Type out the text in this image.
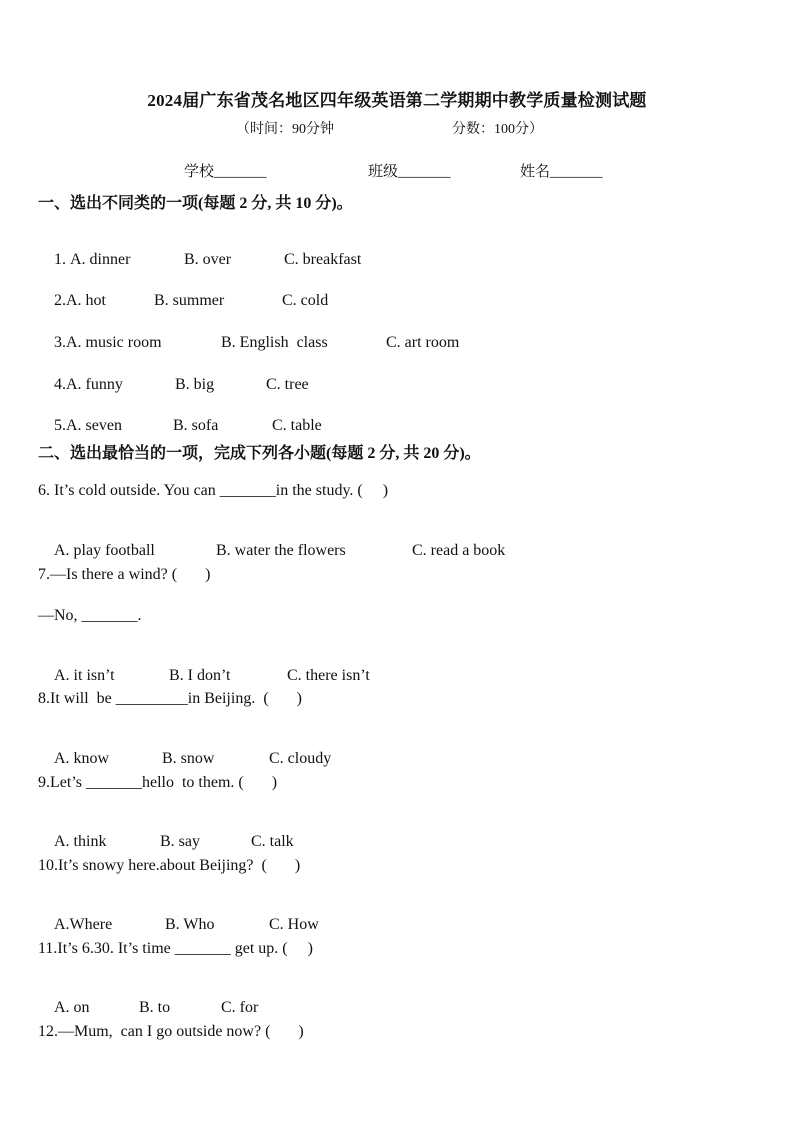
2024届广东省茂名地区四年级英语第二学期期中教学质量检测试题
（时间：90分钟	分数：100分）
学校_______	班级_______	姓名_______
一、选出不同类的一项(每题 2 分, 共 10 分)。

1. A. dinner	B. over	C. breakfast

2.A. hot	B. summer	C. cold

3.A. music room	B. English  class	C. art room

4.A. funny	B. big	C. tree

5.A. seven	B. sofa	C. table

二、选出最恰当的一项，完成下列各小题(每题 2 分, 共 20 分)。
6. It’s cold outside. You can _______in the study. (     )

A. play football	B. water the flowers	C. read a book

7.—Is there a wind? (       )
—No, _______.

A. it isn’t	B. I don’t	C. there isn’t

8.It will  be _________in Beijing.  (       )

A. know	B. snow	C. cloudy

9.Let’s _______hello  to them. (       )

A. think	B. say	C. talk

10.It’s snowy here.about Beijing?  (       )

A.Where	B. Who	C. How

11.It’s 6.30. It’s time _______ get up. (     )

A. on	B. to	C. for

12.—Mum,  can I go outside now? (       )
